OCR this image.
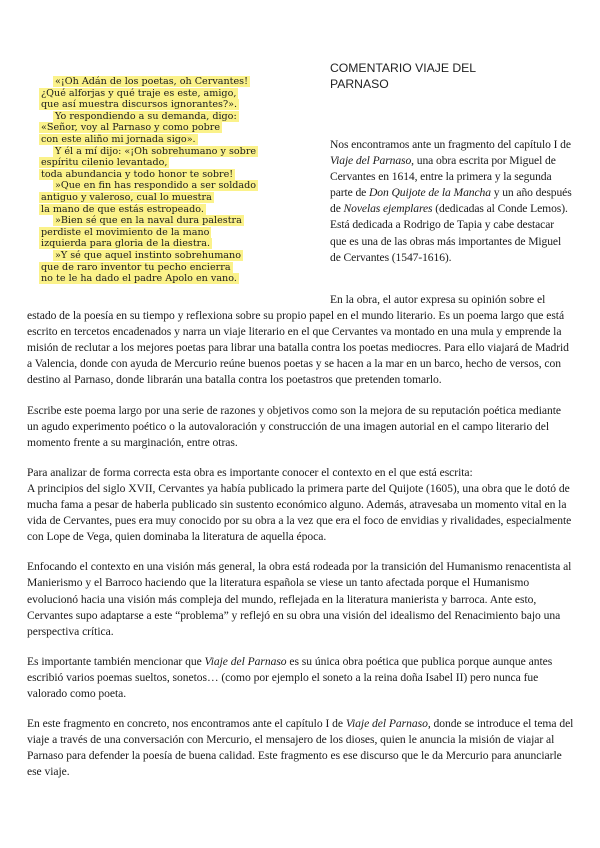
«¡Oh Adán de los poetas, oh Cervantes!
¿Qué alforjas y qué traje es este, amigo,
que así muestra discursos ignorantes?».
Yo respondiendo a su demanda, digo:
«Señor, voy al Parnaso y como pobre
con este aliño mi jornada sigo».
Y él a mí dijo: «¡Oh sobrehumano y sobre
espíritu cilenio levantado,
toda abundancia y todo honor te sobre!
»Que en fin has respondido a ser soldado
antiguo y valeroso, cual lo muestra
la mano de que estás estropeado.
»Bien sé que en la naval dura palestra
perdiste el movimiento de la mano
izquierda para gloria de la diestra.
»Y sé que aquel instinto sobrehumano
que de raro inventor tu pecho encierra
no te le ha dado el padre Apolo en vano.
COMENTARIO VIAJE DEL
PARNASO
Nos encontramos ante un fragmento del capítulo I de Viaje del Parnaso, una obra escrita por Miguel de Cervantes en 1614, entre la primera y la segunda parte de Don Quijote de la Mancha y un año después de Novelas ejemplares (dedicadas al Conde Lemos). Está dedicada a Rodrigo de Tapia y cabe destacar que es una de las obras más importantes de Miguel de Cervantes (1547-1616).

En la obra, el autor expresa su opinión sobre el estado de la poesía en su tiempo y reflexiona sobre su propio papel en el mundo literario. Es un poema largo que está escrito en tercetos encadenados y narra un viaje literario en el que Cervantes va montado en una mula y emprende la misión de reclutar a los mejores poetas para librar una batalla contra los poetas mediocres. Para ello viajará de Madrid a Valencia, donde con ayuda de Mercurio reúne buenos poetas y se hacen a la mar en un barco, hecho de versos, con destino al Parnaso, donde librarán una batalla contra los poetastros que pretenden tomarlo.

Escribe este poema largo por una serie de razones y objetivos como son la mejora de su reputación poética mediante un agudo experimento poético o la autovaloración y construcción de una imagen autorial en el campo literario del momento frente a su marginación, entre otras.

Para analizar de forma correcta esta obra es importante conocer el contexto en el que está escrita:
A principios del siglo XVII, Cervantes ya había publicado la primera parte del Quijote (1605), una obra que le dotó de mucha fama a pesar de haberla publicado sin sustento económico alguno. Además, atravesaba un momento vital en la vida de Cervantes, pues era muy conocido por su obra a la vez que era el foco de envidias y rivalidades, especialmente con Lope de Vega, quien dominaba la literatura de aquella época.

Enfocando el contexto en una visión más general, la obra está rodeada por la transición del Humanismo renacentista al Manierismo y el Barroco haciendo que la literatura española se viese un tanto afectada porque el Humanismo evolucionó hacia una visión más compleja del mundo, reflejada en la literatura manierista y barroca. Ante esto, Cervantes supo adaptarse a este “problema” y reflejó en su obra una visión del idealismo del Renacimiento bajo una perspectiva crítica.

Es importante también mencionar que Viaje del Parnaso es su única obra poética que publica porque aunque antes escribió varios poemas sueltos, sonetos… (como por ejemplo el soneto a la reina doña Isabel II) pero nunca fue valorado como poeta.

En este fragmento en concreto, nos encontramos ante el capítulo I de Viaje del Parnaso, donde se introduce el tema del viaje a través de una conversación con Mercurio, el mensajero de los dioses, quien le anuncia la misión de viajar al Parnaso para defender la poesía de buena calidad. Este fragmento es ese discurso que le da Mercurio para anunciarle ese viaje.
